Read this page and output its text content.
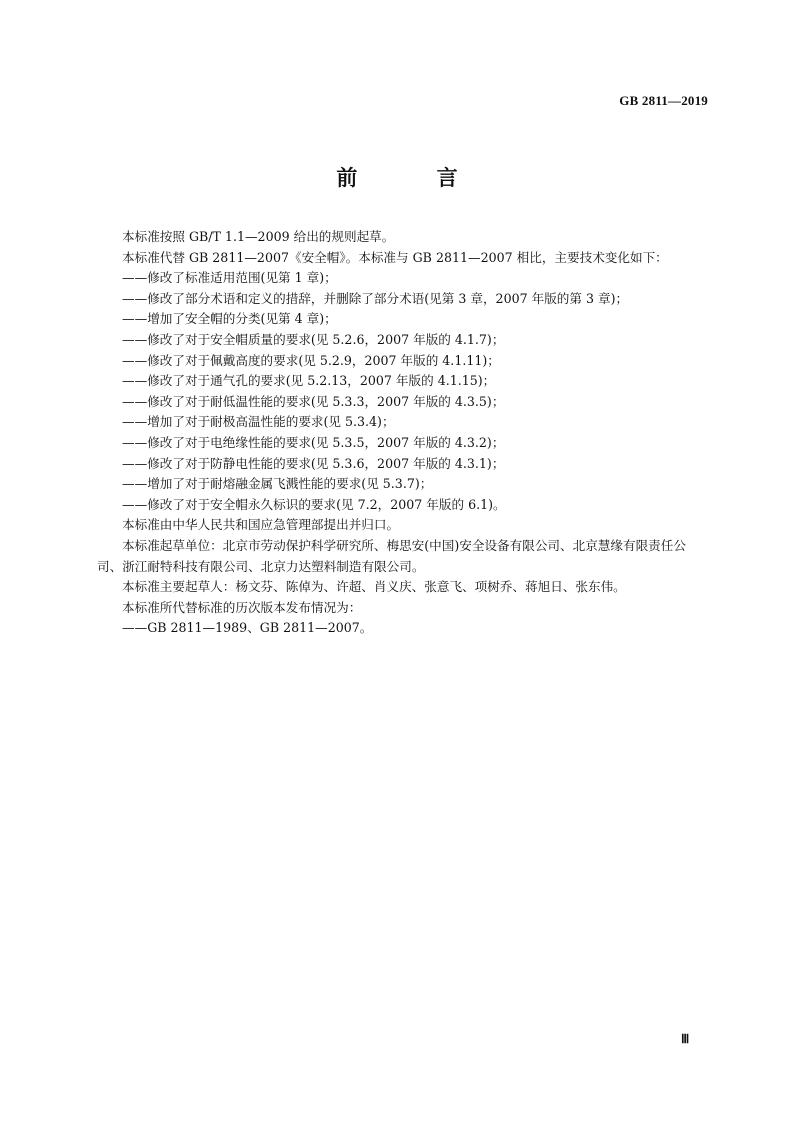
GB 2811—2019
前 言

本标准按照 GB/T 1.1—2009 给出的规则起草。

本标准代替 GB 2811—2007《安全帽》。本标准与 GB 2811—2007 相比，主要技术变化如下：

——修改了标准适用范围(见第 1 章)；

——修改了部分术语和定义的措辞，并删除了部分术语(见第 3 章，2007 年版的第 3 章)；

——增加了安全帽的分类(见第 4 章)；

——修改了对于安全帽质量的要求(见 5.2.6，2007 年版的 4.1.7)；

——修改了对于佩戴高度的要求(见 5.2.9，2007 年版的 4.1.11)；

——修改了对于通气孔的要求(见 5.2.13，2007 年版的 4.1.15)；

——修改了对于耐低温性能的要求(见 5.3.3，2007 年版的 4.3.5)；

——增加了对于耐极高温性能的要求(见 5.3.4)；

——修改了对于电绝缘性能的要求(见 5.3.5，2007 年版的 4.3.2)；

——修改了对于防静电性能的要求(见 5.3.6，2007 年版的 4.3.1)；

——增加了对于耐熔融金属飞溅性能的要求(见 5.3.7)；

——修改了对于安全帽永久标识的要求(见 7.2，2007 年版的 6.1)。

本标准由中华人民共和国应急管理部提出并归口。

本标准起草单位：北京市劳动保护科学研究所、梅思安(中国)安全设备有限公司、北京慧缘有限责任公司、浙江耐特科技有限公司、北京力达塑料制造有限公司。

本标准主要起草人：杨文芬、陈倬为、许超、肖义庆、张意飞、项树乔、蒋旭日、张东伟。

本标准所代替标准的历次版本发布情况为：

——GB 2811—1989、GB 2811—2007。

Ⅲ
